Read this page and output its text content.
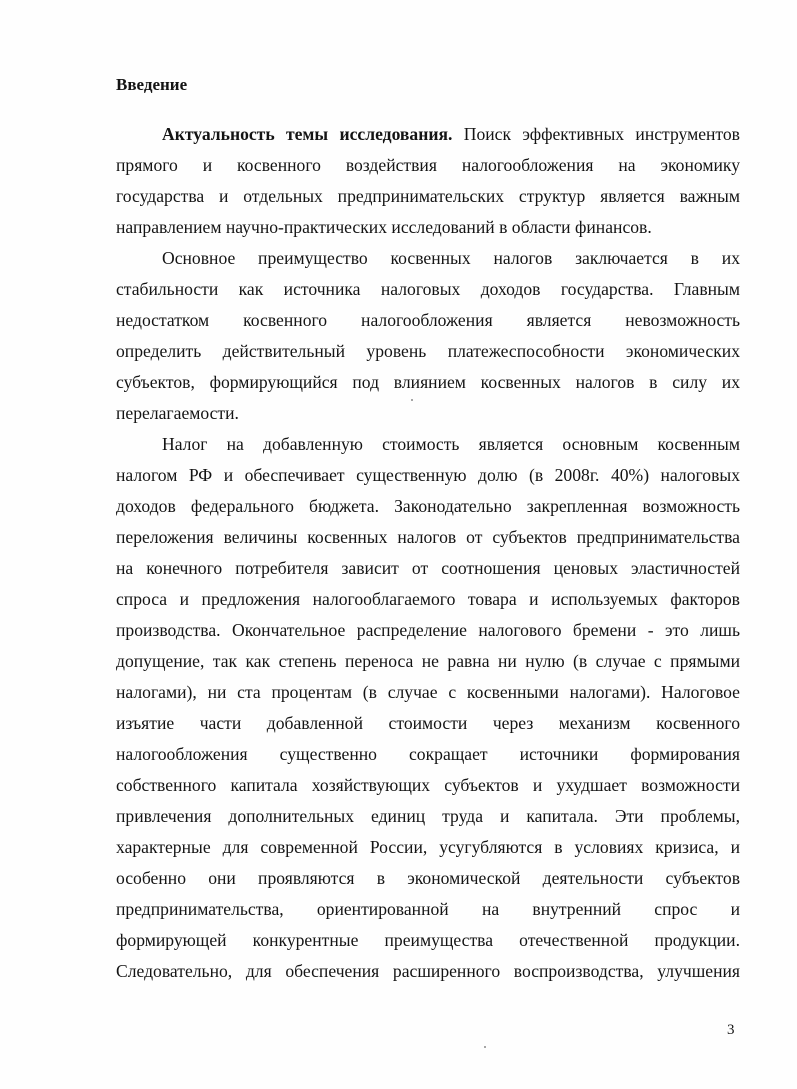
Введение
Актуальность темы исследования. Поиск эффективных инструментов
прямого и косвенного воздействия налогообложения на экономику
государства и отдельных предпринимательских структур является важным
направлением научно-практических исследований в области финансов.
Основное преимущество косвенных налогов заключается в их
стабильности как источника налоговых доходов государства. Главным
недостатком косвенного налогообложения является невозможность
определить действительный уровень платежеспособности экономических
субъектов, формирующийся под влиянием косвенных налогов в силу их
перелагаемости.
Налог на добавленную стоимость является основным косвенным
налогом РФ и обеспечивает существенную долю (в 2008г. 40%) налоговых
доходов федерального бюджета. Законодательно закрепленная возможность
переложения величины косвенных налогов от субъектов предпринимательства
на конечного потребителя зависит от соотношения ценовых эластичностей
спроса и предложения налогооблагаемого товара и используемых факторов
производства. Окончательное распределение налогового бремени - это лишь
допущение, так как степень переноса не равна ни нулю (в случае с прямыми
налогами), ни ста процентам (в случае с косвенными налогами). Налоговое
изъятие части добавленной стоимости через механизм косвенного
налогообложения существенно сокращает источники формирования
собственного капитала хозяйствующих субъектов и ухудшает возможности
привлечения дополнительных единиц труда и капитала. Эти проблемы,
характерные для современной России, усугубляются в условиях кризиса, и
особенно они проявляются в экономической деятельности субъектов
предпринимательства, ориентированной на внутренний спрос и
формирующей конкурентные преимущества отечественной продукции.
Следовательно, для обеспечения расширенного воспроизводства, улучшения
3
